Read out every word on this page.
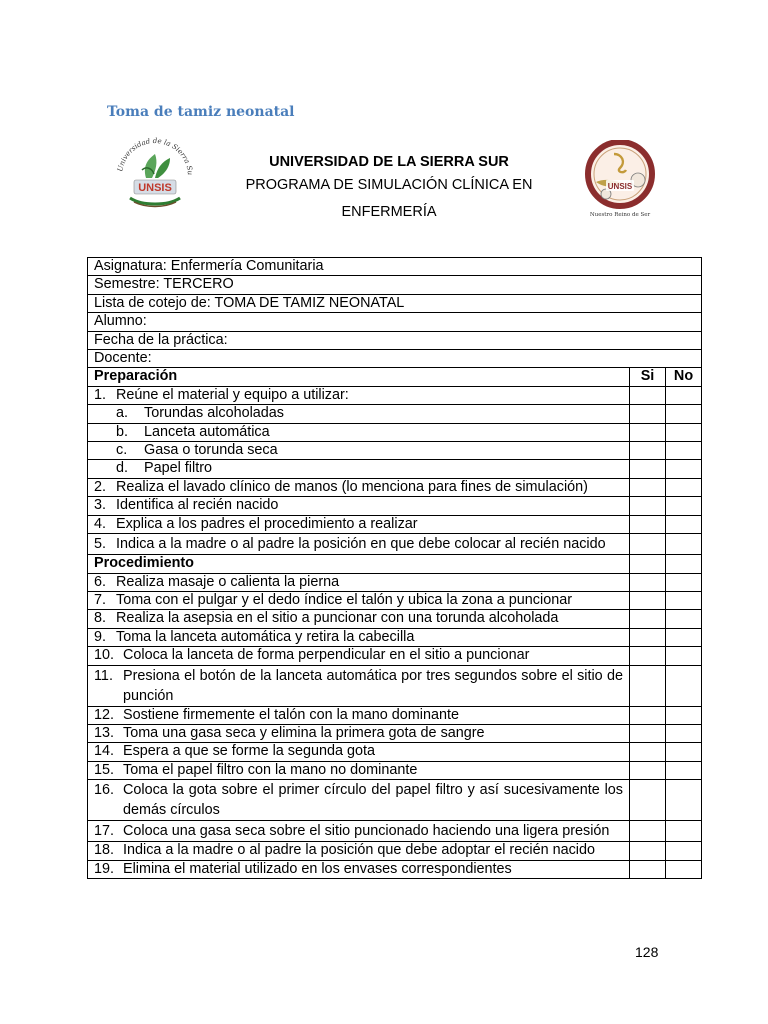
Toma de tamiz neonatal
Universidad de la Sierra Su
UNSIS
UNIVERSIDAD DE LA SIERRA SUR
PROGRAMA DE SIMULACIÓN CLÍNICA EN ENFERMERÍA
UNSIS
Nuestro Reino de Ser
Asignatura: Enfermería Comunitaria		
Semestre: TERCERO		
Lista de cotejo de: TOMA DE TAMIZ NEONATAL		
Alumno:		
Fecha de la práctica:		
Docente:		
Preparación	Si	No

1. Reúne el material y equipo a utilizar:		

a. Torundas alcoholadas		

b. Lanceta automática		

c. Gasa o torunda seca		

d. Papel filtro		

2. Realiza el lavado clínico de manos (lo menciona para fines de simulación)		

3. Identifica al recién nacido		

4. Explica a los padres el procedimiento a realizar		

5. Indica a la madre o al padre la posición en que debe colocar al recién nacido		

Procedimiento		

6. Realiza masaje o calienta la pierna		

7. Toma con el pulgar y el dedo índice el talón y ubica la zona a puncionar		

8. Realiza la asepsia en el sitio a puncionar con una torunda alcoholada		

9. Toma la lanceta automática y retira la cabecilla		

10. Coloca la lanceta de forma perpendicular en el sitio a puncionar		

11. Presiona el botón de la lanceta automática por tres segundos sobre el sitio de punción		

12. Sostiene firmemente el talón con la mano dominante		

13. Toma una gasa seca y elimina la primera gota de sangre		

14. Espera a que se forme la segunda gota		

15. Toma el papel filtro con la mano no dominante		

16. Coloca la gota sobre el primer círculo del papel filtro y así sucesivamente los demás círculos		

17. Coloca una gasa seca sobre el sitio puncionado haciendo una ligera presión		

18. Indica a la madre o al padre la posición que debe adoptar el recién nacido		

19. Elimina el material utilizado en los envases correspondientes		

128
